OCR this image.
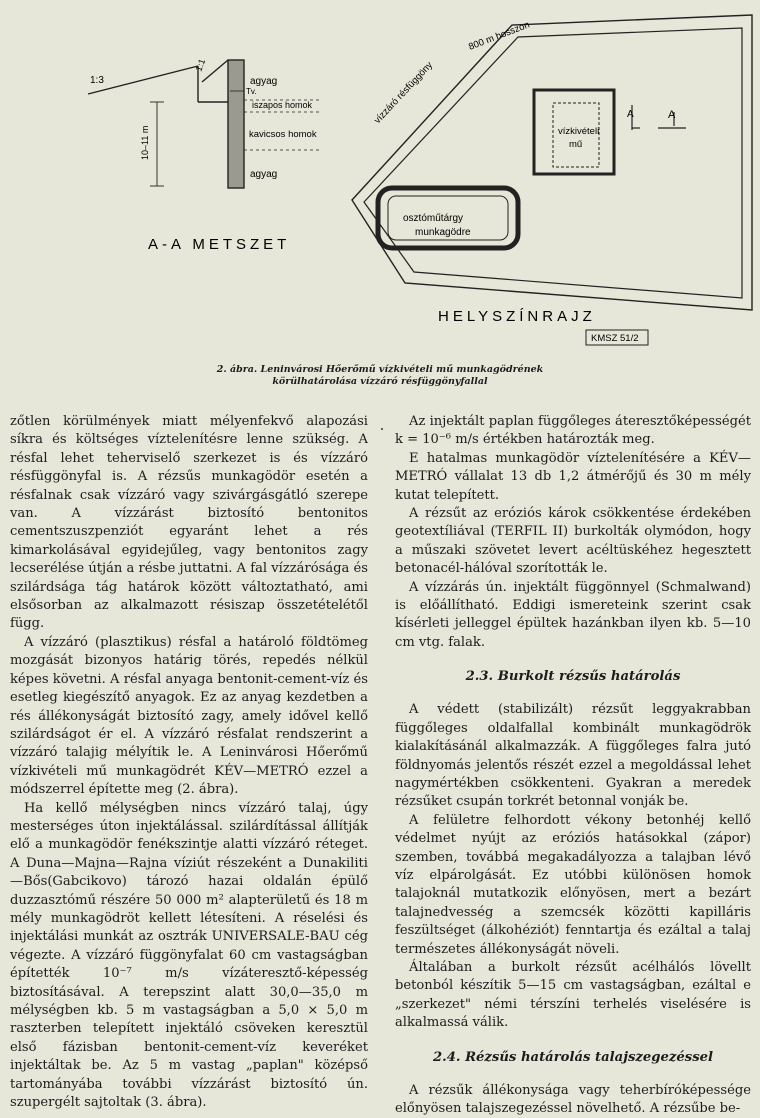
1:3
1:1
agyag
Tv.
iszapos homok
kavicsos homok
agyag
10–11 m
A-A METSZET
800 m hosszon
vízzáró résfüggöny
vízkivételi
mű
A	A
osztóműtárgy
munkagödre
HELYSZÍNRAJZ
KMSZ 51/2
2. ábra. Leninvárosi Hőerőmű vízkivételi mű munkagödrének
körülhatárolása vízzáró résfüggönyfallal

zőtlen körülmények miatt mélyenfekvő alapozási síkra és költséges víztelenítésre lenne szükség. A résfal lehet teherviselő szerkezet is és vízzáró résfüggönyfal is. A rézsűs munkagödör esetén a résfalnak csak vízzáró vagy szivárgásgátló szerepe van. A vízzárást biztosító bentonitos cementszuszpenziót egyaránt lehet a rés kimarkolásával egyidejűleg, vagy bentonitos zagy lecserélése útján a résbe juttatni. A fal vízzárósága és szilárdsága tág határok között változtatható, ami elsősorban az alkalmazott résiszap összetételétől függ.

A vízzáró (plasztikus) résfal a határoló földtömeg mozgását bizonyos határig törés, repedés nélkül képes követni. A résfal anyaga bentonit-cement-víz és esetleg kiegészítő anyagok. Ez az anyag kezdetben a rés állékonyságát biztosító zagy, amely idővel kellő szilárdságot ér el. A vízzáró résfalat rendszerint a vízzáró talajig mélyítik le. A Leninvárosi Hőerőmű vízkivételi mű munkagödrét KÉV—METRÓ ezzel a módszerrel építette meg (2. ábra).

Ha kellő mélységben nincs vízzáró talaj, úgy mesterséges úton injektálással. szilárdítással állítják elő a munkagödör fenékszintje alatti vízzáró réteget. A Duna—Majna—Rajna víziút részeként a Dunakiliti—Bős(Gabcikovo) tározó hazai oldalán épülő duzzasztómű részére 50 000 m² alapterületű és 18 m mély munkagödröt kellett létesíteni. A réselési és injektálási munkát az osztrák UNIVERSALE-BAU cég végezte. A vízzáró függönyfalat 60 cm vastagságban építették 10⁻⁷ m/s vízáteresztő-képesség biztosításával. A terepszint alatt 30,0—35,0 m mélységben kb. 5 m vastagságban a 5,0 × 5,0 m raszterben telepített injektáló csöveken keresztül első fázisban bentonit-cement-víz keveréket injektáltak be. Az 5 m vastag „paplan" középső tartományába további vízzárást biztosító ún. szupergélt sajtoltak (3. ábra).

Az injektált paplan függőleges áteresztőképességét k = 10⁻⁶ m/s értékben határozták meg.

E hatalmas munkagödör víztelenítésére a KÉV—METRÓ vállalat 13 db 1,2 átmérőjű és 30 m mély kutat telepített.

A rézsűt az eróziós károk csökkentése érdekében geotextíliával (TERFIL II) burkolták olymódon, hogy a műszaki szövetet levert acéltüskéhez hegesztett betonacél-hálóval szorították le.

A vízzárás ún. injektált függönnyel (Schmalwand) is előállítható. Eddigi ismereteink szerint csak kísérleti jelleggel épültek hazánkban ilyen kb. 5—10 cm vtg. falak.

2.3. Burkolt rézsűs határolás

A védett (stabilizált) rézsűt leggyakrabban függőleges oldalfallal kombinált munkagödrök kialakításánál alkalmazzák. A függőleges falra jutó földnyomás jelentős részét ezzel a megoldással lehet nagymértékben csökkenteni. Gyakran a meredek rézsűket csupán torkrét betonnal vonják be.

A felületre felhordott vékony betonhéj kellő védelmet nyújt az eróziós hatásokkal (zápor) szemben, továbbá megakadályozza a talajban lévő víz elpárolgását. Ez utóbbi különösen homok talajoknál mutatkozik előnyösen, mert a bezárt talajnedvesség a szemcsék közötti kapilláris feszültséget (álkohéziót) fenntartja és ezáltal a talaj természetes állékonyságát növeli.

Általában a burkolt rézsűt acélhálós lövellt betonból készítik 5—15 cm vastagságban, ezáltal e „szerkezet" némi térszíni terhelés viselésére is alkalmassá válik.

2.4. Rézsűs határolás talajszegezéssel

A rézsűk állékonysága vagy teherbíróképessége előnyösen talajszegezéssel növelhető. A rézsűbe be-
